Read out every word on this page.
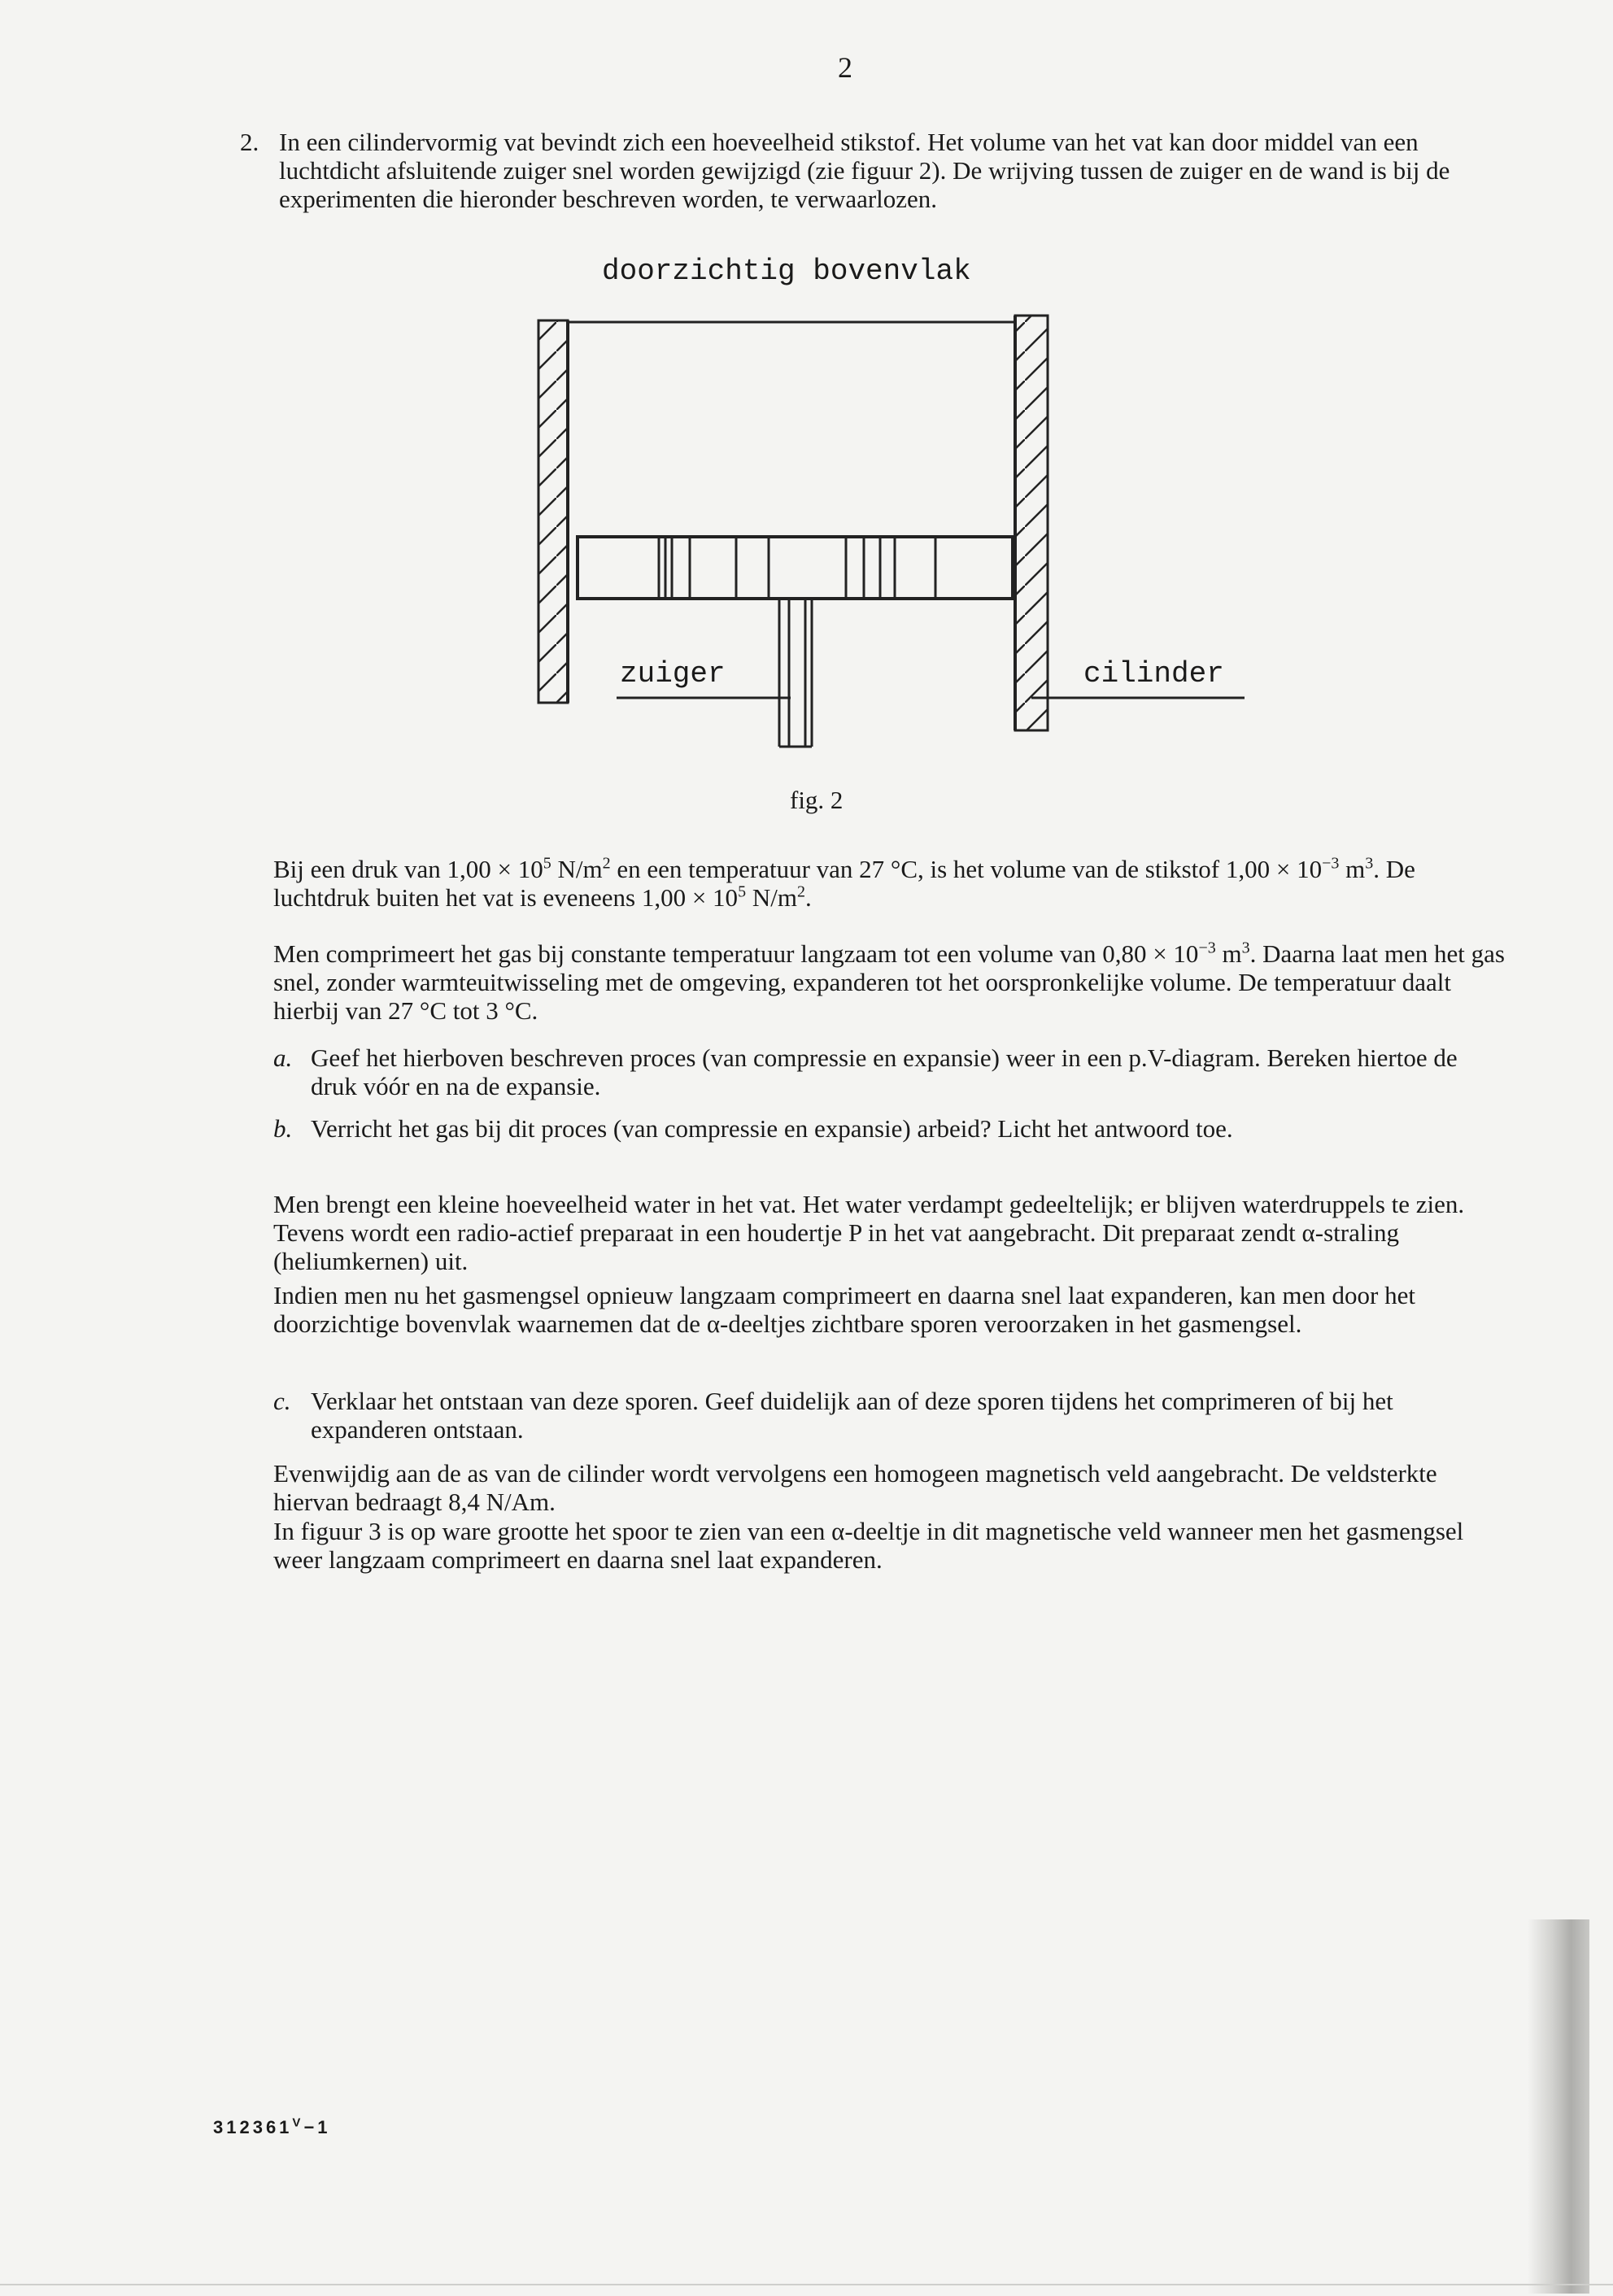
2
2. In een cilindervormig vat bevindt zich een hoeveelheid stikstof. Het volume van het vat kan door middel van een luchtdicht afsluitende zuiger snel worden gewijzigd (zie figuur 2). De wrijving tussen de zuiger en de wand is bij de experimenten die hieronder beschreven worden, te verwaarlozen.
doorzichtig bovenvlak
zuiger	cilinder
fig. 2

Bij een druk van $1,00 \times 10^5$ $N/m^2$ en een temperatuur van 27 °C, is het volume van de stikstof $1,00 \times 10^{-3}$ $m^3$. De luchtdruk buiten het vat is eveneens $1,00 \times 10^5$ $N/m^2$.

Men comprimeert het gas bij constante temperatuur langzaam tot een volume van $0,80 \times 10^{-3}$ $m^3$. Daarna laat men het gas snel, zonder warmteuitwisseling met de omgeving, expanderen tot het oorspronkelijke volume. De temperatuur daalt hierbij van 27 °C tot 3 °C.

a. Geef het hierboven beschreven proces (van compressie en expansie) weer in een p.V-diagram. Bereken hiertoe de druk vóór en na de expansie.
b. Verricht het gas bij dit proces (van compressie en expansie) arbeid? Licht het antwoord toe.

Men brengt een kleine hoeveelheid water in het vat. Het water verdampt gedeeltelijk; er blijven waterdruppels te zien. Tevens wordt een radio-actief preparaat in een houdertje P in het vat aangebracht. Dit preparaat zendt α-straling (heliumkernen) uit.

Indien men nu het gasmengsel opnieuw langzaam comprimeert en daarna snel laat expanderen, kan men door het doorzichtige bovenvlak waarnemen dat de α-deeltjes zichtbare sporen veroorzaken in het gasmengsel.

c. Verklaar het ontstaan van deze sporen. Geef duidelijk aan of deze sporen tijdens het comprimeren of bij het expanderen ontstaan.

Evenwijdig aan de as van de cilinder wordt vervolgens een homogeen magnetisch veld aangebracht. De veldsterkte hiervan bedraagt 8,4 N/Am.

In figuur 3 is op ware grootte het spoor te zien van een α-deeltje in dit magnetische veld wanneer men het gasmengsel weer langzaam comprimeert en daarna snel laat expanderen.

$312361^V-1$
